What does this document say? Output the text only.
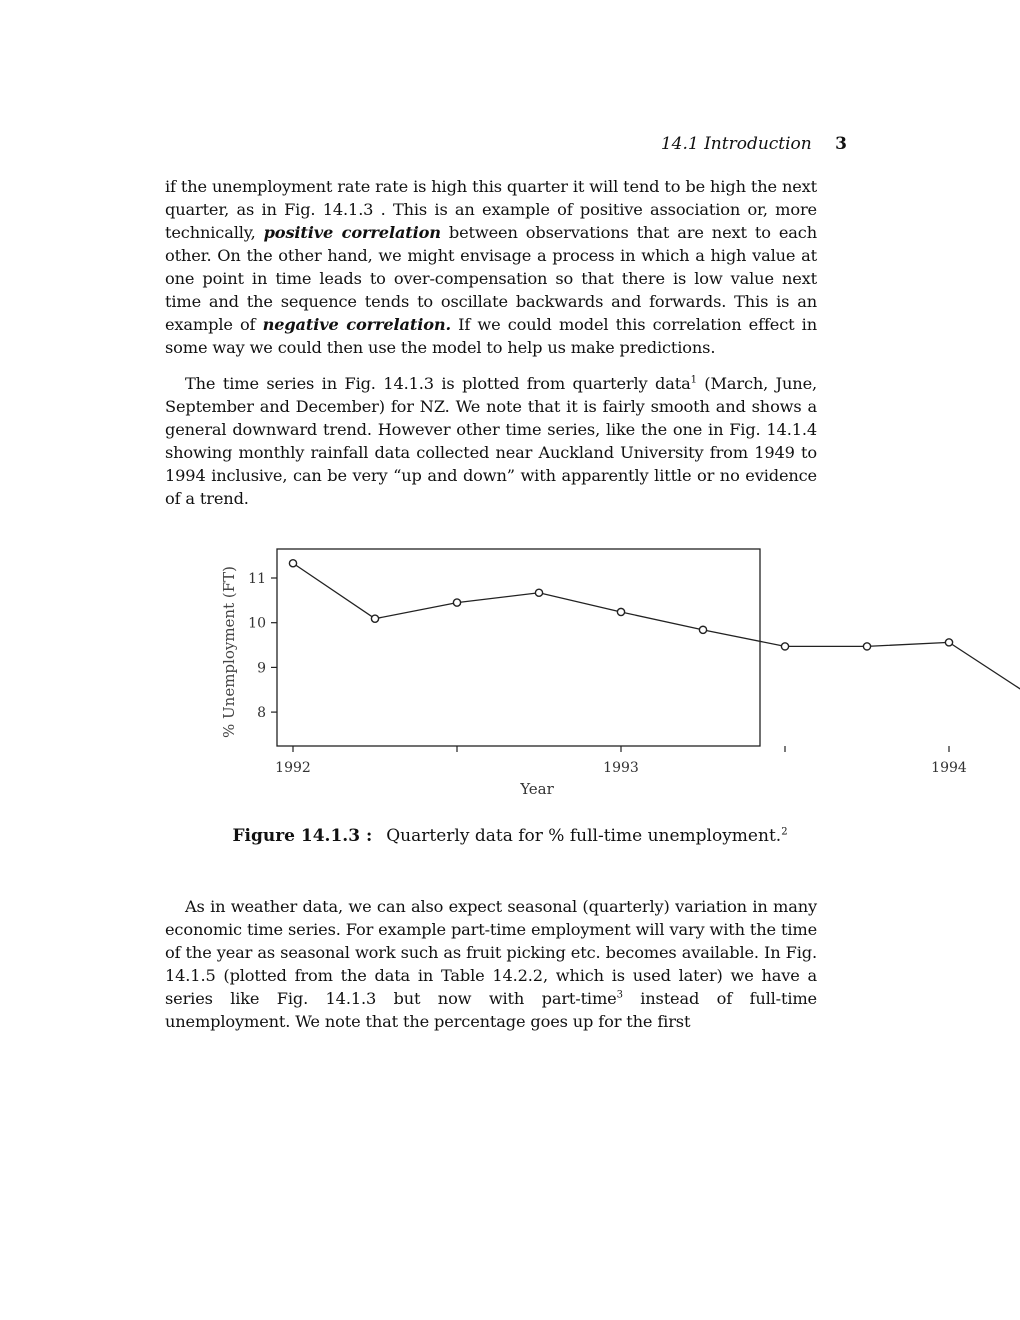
14.1 Introduction 3
if the unemployment rate rate is high this quarter it will tend to be high the next quarter, as in Fig. 14.1.3 . This is an example of positive association or, more technically, positive correlation between observations that are next to each other. On the other hand, we might envisage a process in which a high value at one point in time leads to over-compensation so that there is low value next time and the sequence tends to oscillate backwards and forwards. This is an example of negative correlation. If we could model this correlation effect in some way we could then use the model to help us make predictions.
The time series in Fig. 14.1.3 is plotted from quarterly data$^1$ (March, June, September and December) for NZ. We note that it is fairly smooth and shows a general downward trend. However other time series, like the one in Fig. 14.1.4 showing monthly rainfall data collected near Auckland University from 1949 to 1994 inclusive, can be very “up and down” with apparently little or no evidence of a trend.
8
9
10
11
1992	1993	1994
% Unemployment (FT)
Year
Figure 14.1.3 : Quarterly data for % full-time unemployment.$^2$
As in weather data, we can also expect seasonal (quarterly) variation in many economic time series. For example part-time employment will vary with the time of the year as seasonal work such as fruit picking etc. becomes available. In Fig. 14.1.5 (plotted from the data in Table 14.2.2, which is used later) we have a series like Fig. 14.1.3 but now with part-time$^3$ instead of full-time unemployment. We note that the percentage goes up for the first
